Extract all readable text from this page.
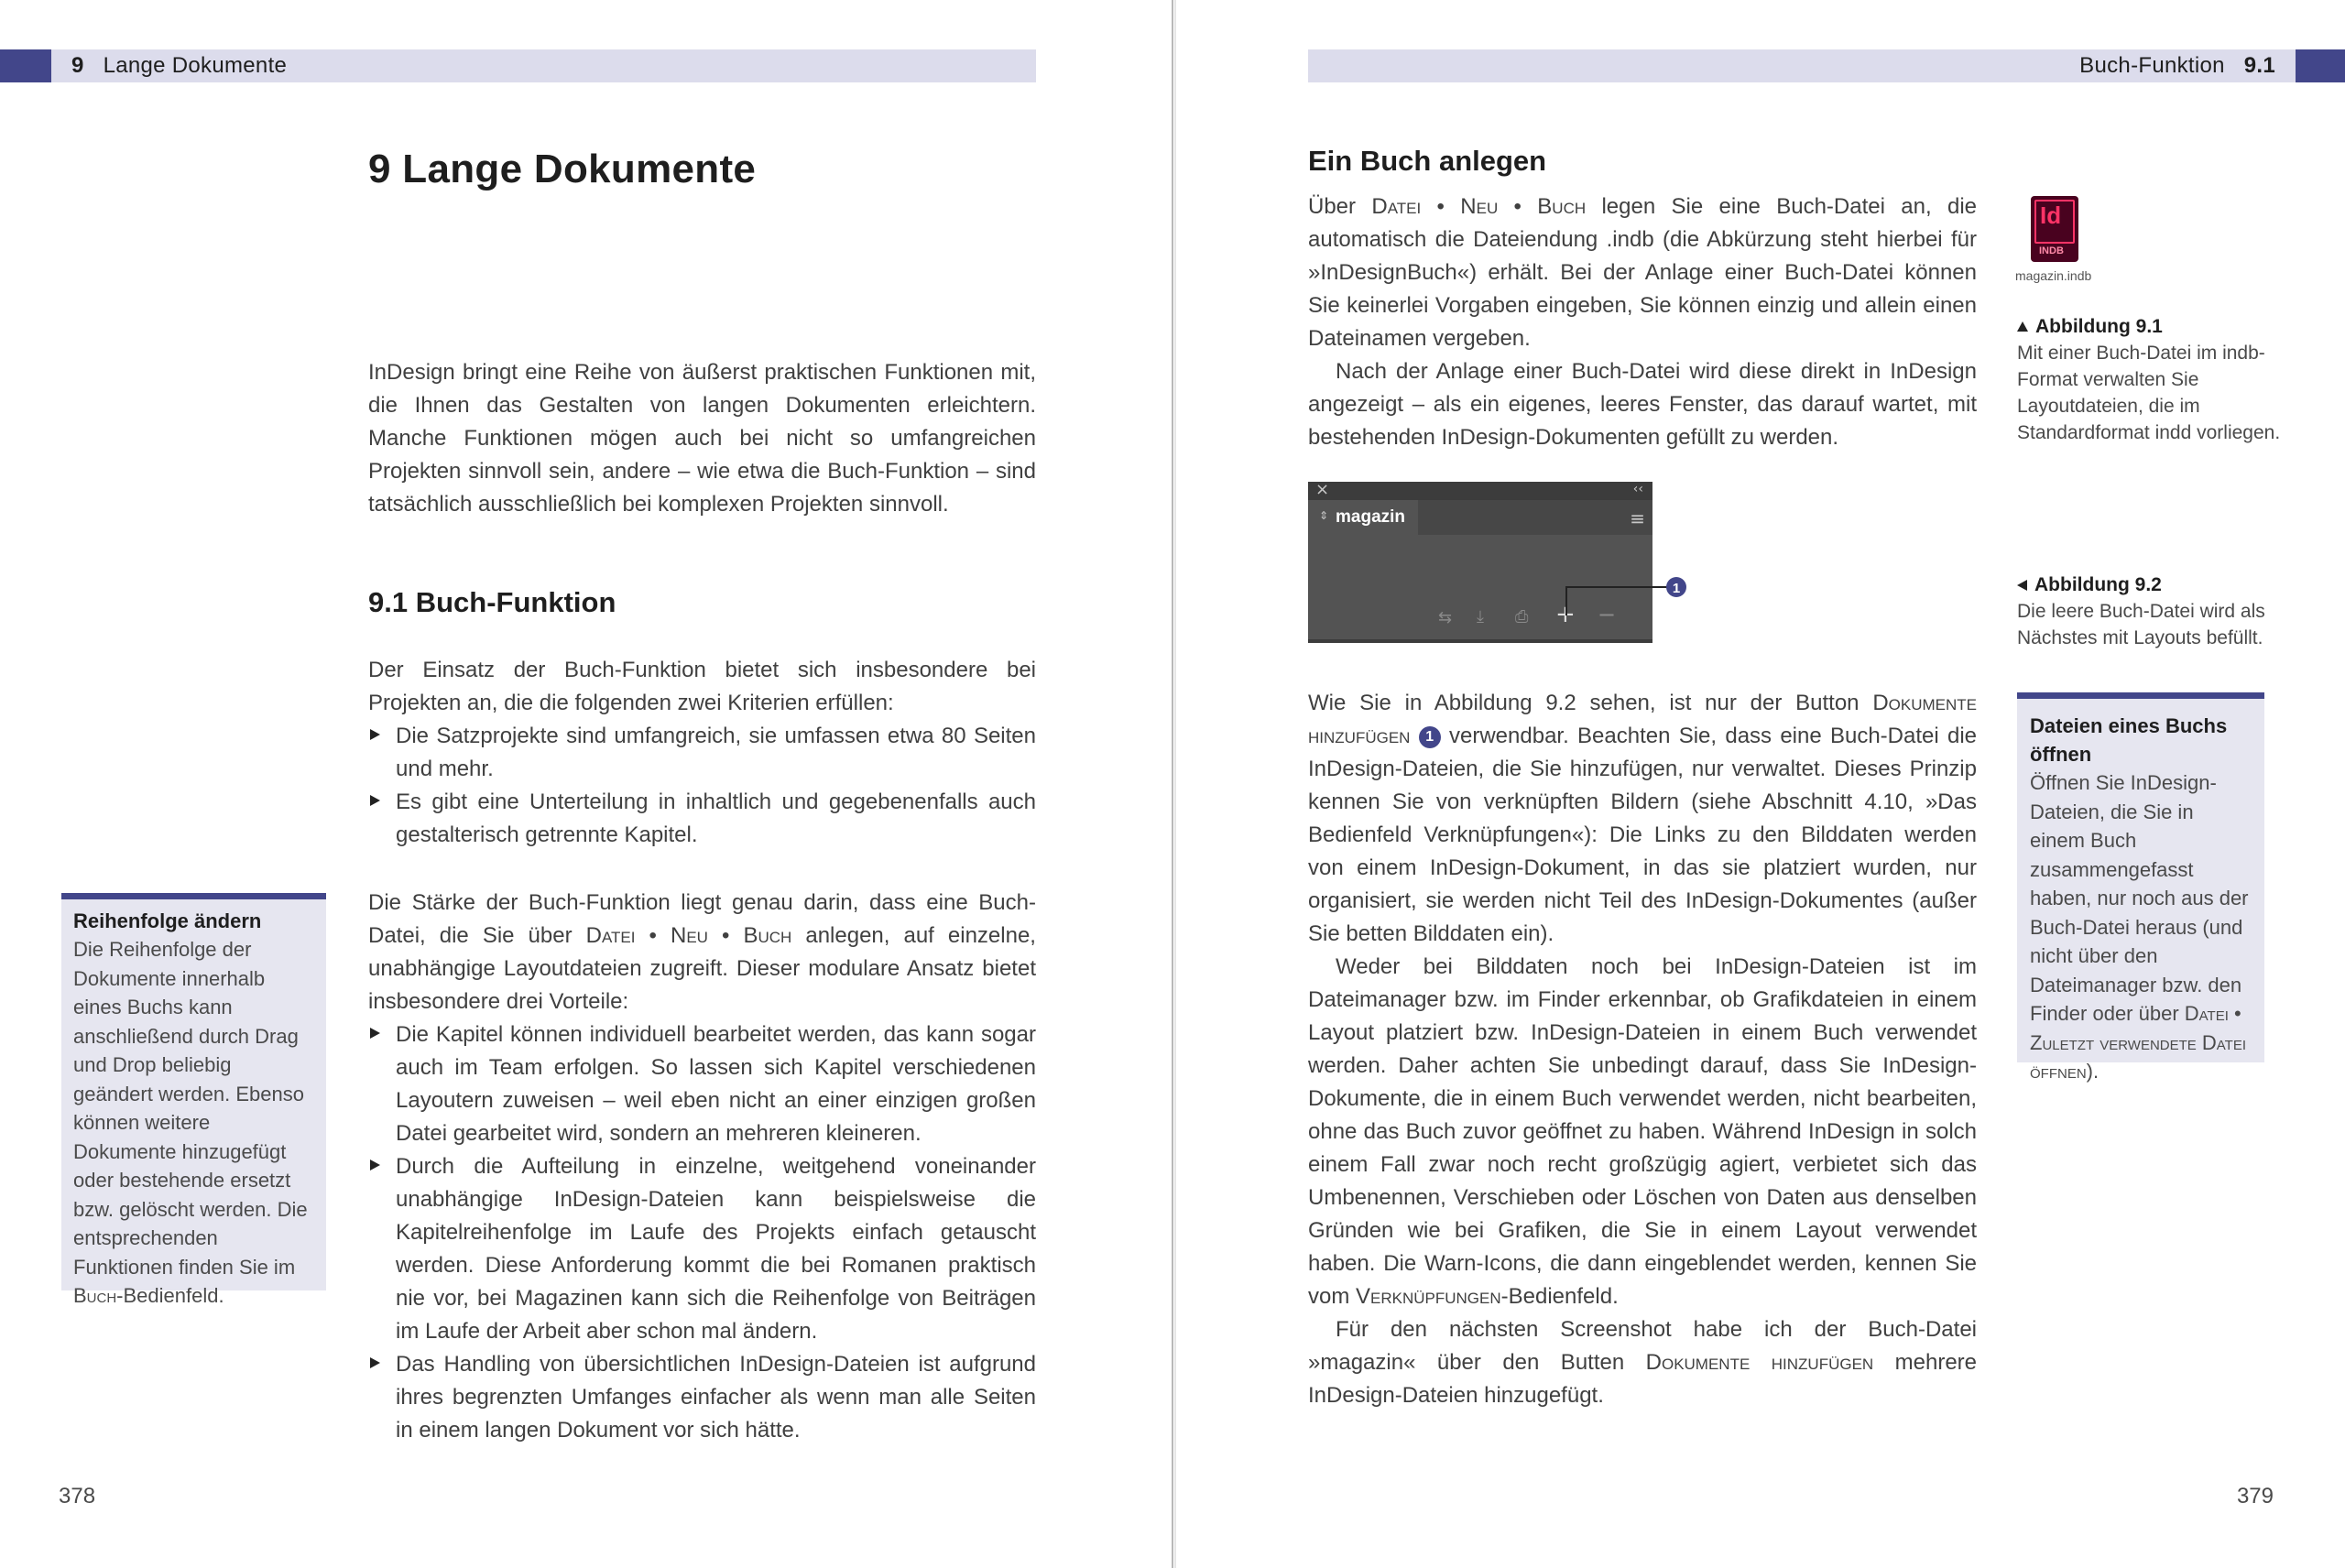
9 Lange Dokumente
9 Lange Dokumente

InDesign bringt eine Reihe von äußerst praktischen Funktionen mit, die Ihnen das Gestalten von langen Dokumenten erleichtern. Manche Funktionen mögen auch bei nicht so umfangreichen Projekten sinnvoll sein, andere – wie etwa die Buch-Funktion – sind tatsächlich ausschließlich bei komplexen Projekten sinnvoll.

9.1 Buch-Funktion

Der Einsatz der Buch-Funktion bietet sich insbesondere bei Projekten an, die die folgenden zwei Kriterien erfüllen:

Die Satzprojekte sind umfangreich, sie umfassen etwa 80 Seiten und mehr.
Es gibt eine Unterteilung in inhaltlich und gegebenenfalls auch gestalterisch getrennte Kapitel.

Die Stärke der Buch-Funktion liegt genau darin, dass eine Buch-Datei, die Sie über Datei • Neu • Buch anlegen, auf einzelne, unabhängige Layoutdateien zugreift. Dieser modulare Ansatz bietet insbesondere drei Vorteile:

Die Kapitel können individuell bearbeitet werden, das kann sogar auch im Team erfolgen. So lassen sich Kapitel verschiedenen Layoutern zuweisen – weil eben nicht an einer einzigen großen Datei gearbeitet wird, sondern an mehreren kleineren.
Durch die Aufteilung in einzelne, weitgehend voneinander unabhängige InDesign-Dateien kann beispielsweise die Kapitelreihenfolge im Laufe des Projekts einfach getauscht werden. Diese Anforderung kommt die bei Romanen praktisch nie vor, bei Magazinen kann sich die Reihenfolge von Beiträgen im Laufe der Arbeit aber schon mal ändern.
Das Handling von übersichtlichen InDesign-Dateien ist aufgrund ihres begrenzten Umfanges einfacher als wenn man alle Seiten in einem langen Dokument vor sich hätte.
Reihenfolge ändern
Die Reihenfolge der Dokumente innerhalb eines Buchs kann anschließend durch Drag und Drop beliebig geändert werden. Ebenso können weitere Dokumente hinzugefügt oder bestehende ersetzt bzw. gelöscht werden. Die entsprechenden Funktionen finden Sie im Buch-Bedienfeld.
378
Buch-Funktion 9.1
Ein Buch anlegen

Über Datei • Neu • Buch legen Sie eine Buch-Datei an, die automatisch die Dateiendung .indb (die Abkürzung steht hierbei für »InDesignBuch«) erhält. Bei der Anlage einer Buch-Datei können Sie keinerlei Vorgaben eingeben, Sie können einzig und allein einen Dateinamen vergeben.

Nach der Anlage einer Buch-Datei wird diese direkt in InDesign angezeigt – als ein eigenes, leeres Fenster, das darauf wartet, mit bestehenden InDesign-Dokumenten gefüllt zu werden.

×	‹‹
⇕ magazin	≡
⇆ ⤓ ⎙ + −
1

Wie Sie in Abbildung 9.2 sehen, ist nur der Button Dokumente hinzufügen 1 verwendbar. Beachten Sie, dass eine Buch-Datei die InDesign-Dateien, die Sie hinzufügen, nur verwaltet. Dieses Prinzip kennen Sie von verknüpften Bildern (siehe Abschnitt 4.10, »Das Bedienfeld Verknüpfungen«): Die Links zu den Bilddaten werden von einem InDesign-Dokument, in das sie platziert wurden, nur organisiert, sie werden nicht Teil des InDesign-Dokumentes (außer Sie betten Bilddaten ein).

Weder bei Bilddaten noch bei InDesign-Dateien ist im Dateimanager bzw. im Finder erkennbar, ob Grafikdateien in einem Layout platziert bzw. InDesign-Dateien in einem Buch verwendet werden. Daher achten Sie unbedingt darauf, dass Sie InDesign-Dokumente, die in einem Buch verwendet werden, nicht bearbeiten, ohne das Buch zuvor geöffnet zu haben. Während InDesign in solch einem Fall zwar noch recht großzügig agiert, verbietet sich das Umbenennen, Verschieben oder Löschen von Daten aus denselben Gründen wie bei Grafiken, die Sie in einem Layout verwendet haben. Die Warn-Icons, die dann eingeblendet werden, kennen Sie vom Verknüpfungen-Bedienfeld.

Für den nächsten Screenshot habe ich der Buch-Datei »magazin« über den Butten Dokumente hinzufügen mehrere InDesign-Dateien hinzugefügt.

Id
INDB
magazin.indb
Abbildung 9.1
Mit einer Buch-Datei im indb-Format verwalten Sie Layoutdateien, die im Standardformat indd vorliegen.
Abbildung 9.2
Die leere Buch-Datei wird als Nächstes mit Layouts befüllt.
Dateien eines Buchs öffnen
Öffnen Sie InDesign-Dateien, die Sie in einem Buch zusammengefasst haben, nur noch aus der Buch-Datei heraus (und nicht über den Dateimanager bzw. den Finder oder über Datei • Zuletzt verwendete Datei öffnen).
379
